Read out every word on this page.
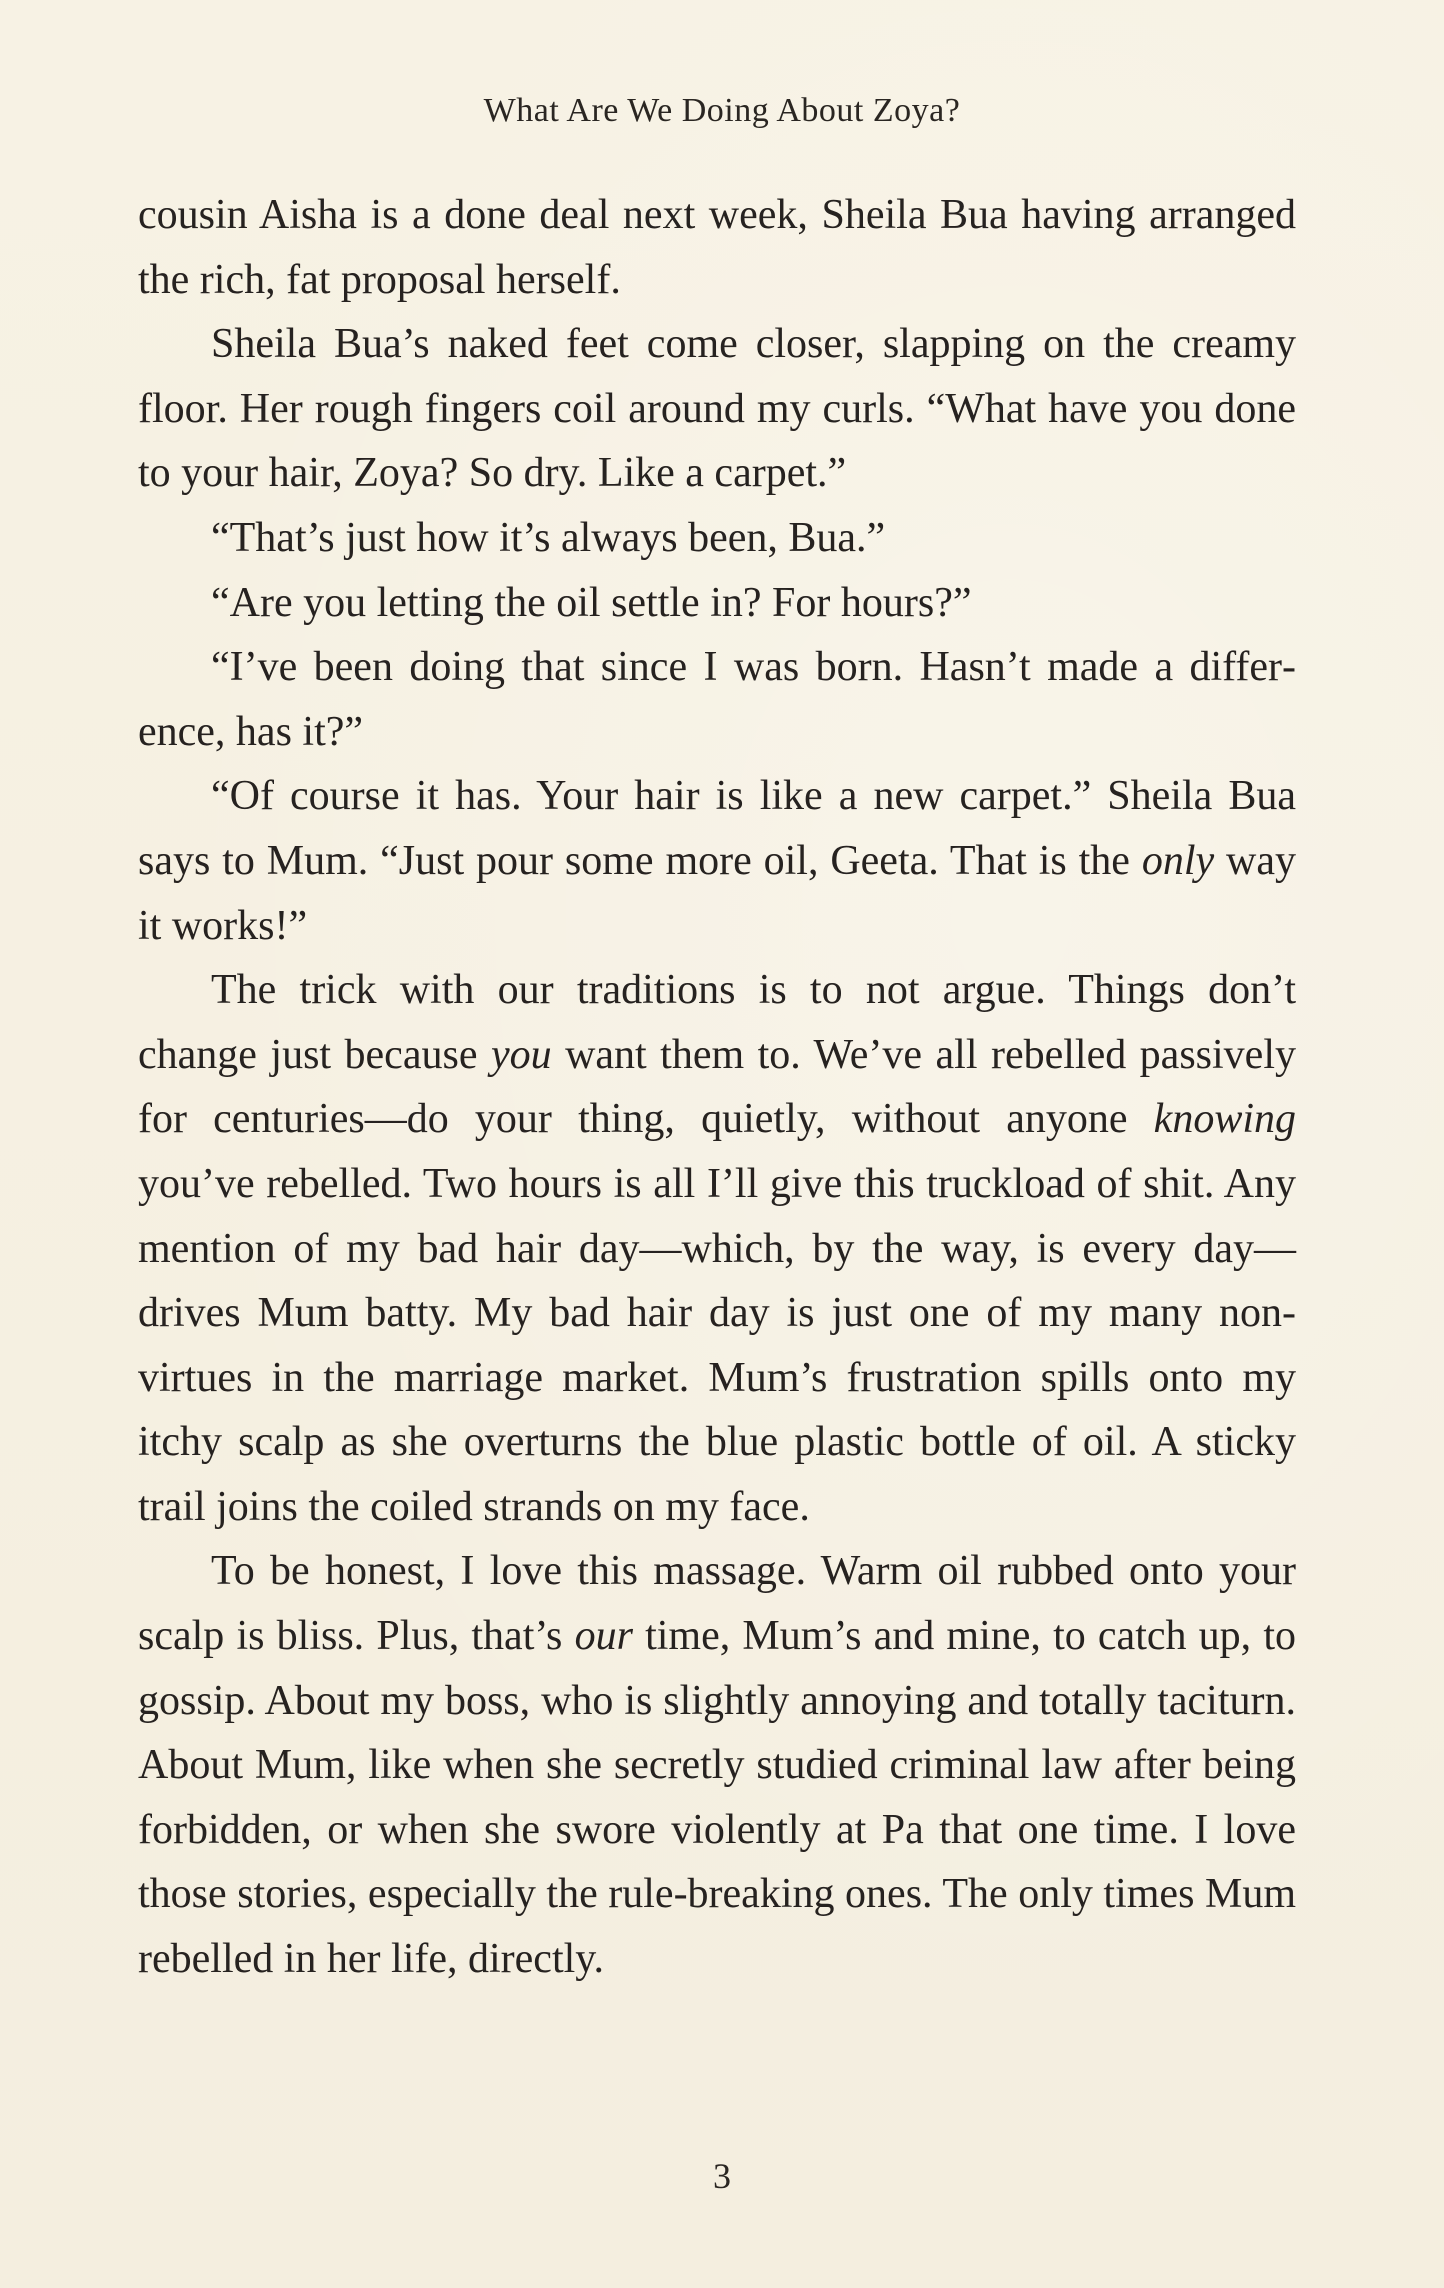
What Are We Doing About Zoya?

cousin Aisha is a done deal next week, Sheila Bua having arranged the rich, fat proposal herself.

Sheila Bua’s naked feet come closer, slapping on the creamy floor. Her rough fingers coil around my curls. “What have you done to your hair, Zoya? So dry. Like a carpet.”

“That’s just how it’s always been, Bua.”

“Are you letting the oil settle in? For hours?”

“I’ve been doing that since I was born. Hasn’t made a difference, has it?”

“Of course it has. Your hair is like a new carpet.” Sheila Bua says to Mum. “Just pour some more oil, Geeta. That is the only way it works!”

The trick with our traditions is to not argue. Things don’t change just because you want them to. We’ve all rebelled passively for centuries—do your thing, quietly, without anyone knowing you’ve rebelled. Two hours is all I’ll give this truckload of shit. Any mention of my bad hair day—which, by the way, is every day—drives Mum batty. My bad hair day is just one of my many non-virtues in the marriage market. Mum’s frustration spills onto my itchy scalp as she overturns the blue plastic bottle of oil. A sticky trail joins the coiled strands on my face.

To be honest, I love this massage. Warm oil rubbed onto your scalp is bliss. Plus, that’s our time, Mum’s and mine, to catch up, to gossip. About my boss, who is slightly annoying and totally taciturn. About Mum, like when she secretly studied criminal law after being forbidden, or when she swore violently at Pa that one time. I love those stories, especially the rule-breaking ones. The only times Mum rebelled in her life, directly.

3
